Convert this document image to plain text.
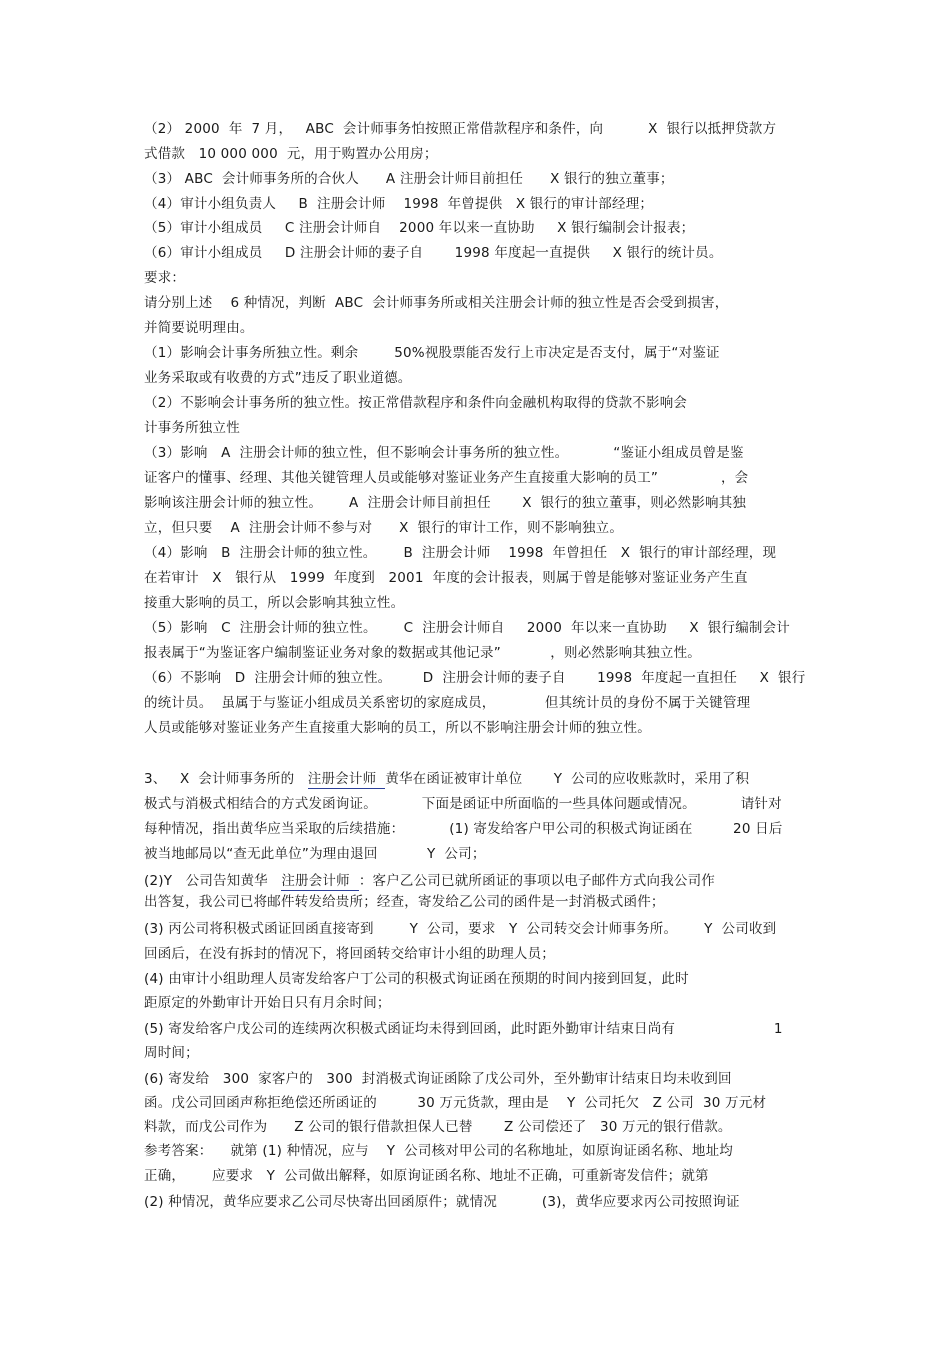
（2） 2000  年  7 月，   ABC  会计师事务怕按照正常借款程序和条件，向          X  银行以抵押贷款方

式借款   10 000 000  元，用于购置办公用房；

（3） ABC  会计师事务所的合伙人      A 注册会计师目前担任      X 银行的独立董事；

（4）审计小组负责人     B  注册会计师    1998  年曾提供   X 银行的审计部经理；

（5）审计小组成员     C 注册会计师自    2000 年以来一直协助     X 银行编制会计报表；

（6）审计小组成员     D 注册会计师的妻子自       1998 年度起一直提供     X 银行的统计员。

要求：

请分别上述    6 种情况，判断  ABC  会计师事务所或相关注册会计师的独立性是否会受到损害，

并简要说明理由。

（1）影响会计事务所独立性。剩余        50%视股票能否发行上市决定是否支付，属于“对鉴证

业务采取或有收费的方式”违反了职业道德。

（2）不影响会计事务所的独立性。按正常借款程序和条件向金融机构取得的贷款不影响会

计事务所独立性

（3）影响   A  注册会计师的独立性，但不影响会计事务所的独立性。          “鉴证小组成员曾是鉴

证客户的懂事、经理、其他关键管理人员或能够对鉴证业务产生直接重大影响的员工”              ，会

影响该注册会计师的独立性。      A  注册会计师目前担任       X  银行的独立董事，则必然影响其独

立，但只要    A  注册会计师不参与对      X  银行的审计工作，则不影响独立。

（4）影响   B  注册会计师的独立性。      B  注册会计师    1998  年曾担任   X  银行的审计部经理，现

在若审计   X   银行从   1999  年度到   2001  年度的会计报表，则属于曾是能够对鉴证业务产生直

接重大影响的员工，所以会影响其独立性。

（5）影响   C  注册会计师的独立性。      C  注册会计师自     2000  年以来一直协助     X  银行编制会计

报表属于“为鉴证客户编制鉴证业务对象的数据或其他记录”           ，则必然影响其独立性。

（6）不影响   D  注册会计师的独立性。       D  注册会计师的妻子自       1998  年度起一直担任     X  银行

的统计员。  虽属于与鉴证小组成员关系密切的家庭成员，           但其统计员的身份不属于关键管理

人员或能够对鉴证业务产生直接重大影响的员工，所以不影响注册会计师的独立性。

3、   X  会计师事务所的   注册会计师  黄华在函证被审计单位       Y  公司的应收账款时，采用了积

极式与消极式相结合的方式发函询证。          下面是函证中所面临的一些具体问题或情况。          请针对

每种情况，指出黄华应当采取的后续措施：          (1) 寄发给客户甲公司的积极式询证函在         20 日后

被当地邮局以“查无此单位”为理由退回           Y  公司；

(2)Y   公司告知黄华   注册会计师  ：客户乙公司已就所函证的事项以电子邮件方式向我公司作

出答复，我公司已将邮件转发给贵所；经查，寄发给乙公司的函件是一封消极式函件；

(3) 丙公司将积极式函证回函直接寄到        Y  公司，要求   Y  公司转交会计师事务所。      Y  公司收到

回函后，在没有拆封的情况下，将回函转交给审计小组的助理人员；

(4) 由审计小组助理人员寄发给客户丁公司的积极式询证函在预期的时间内接到回复，此时

距原定的外勤审计开始日只有月余时间；

(5) 寄发给客户戊公司的连续两次积极式函证均未得到回函，此时距外勤审计结束日尚有                      1

周时间；

(6) 寄发给   300  家客户的   300  封消极式询证函除了戊公司外，至外勤审计结束日均未收到回

函。戊公司回函声称拒绝偿还所函证的         30 万元货款，理由是    Y  公司托欠   Z 公司  30 万元材

料款，而戊公司作为      Z 公司的银行借款担保人已替       Z 公司偿还了   30 万元的银行借款。

参考答案：    就第 (1) 种情况，应与    Y  公司核对甲公司的名称地址，如原询证函名称、地址均

正确，      应要求   Y  公司做出解释，如原询证函名称、地址不正确，可重新寄发信件；就第

(2) 种情况，黄华应要求乙公司尽快寄出回函原件；就情况          (3)，黄华应要求丙公司按照询证
